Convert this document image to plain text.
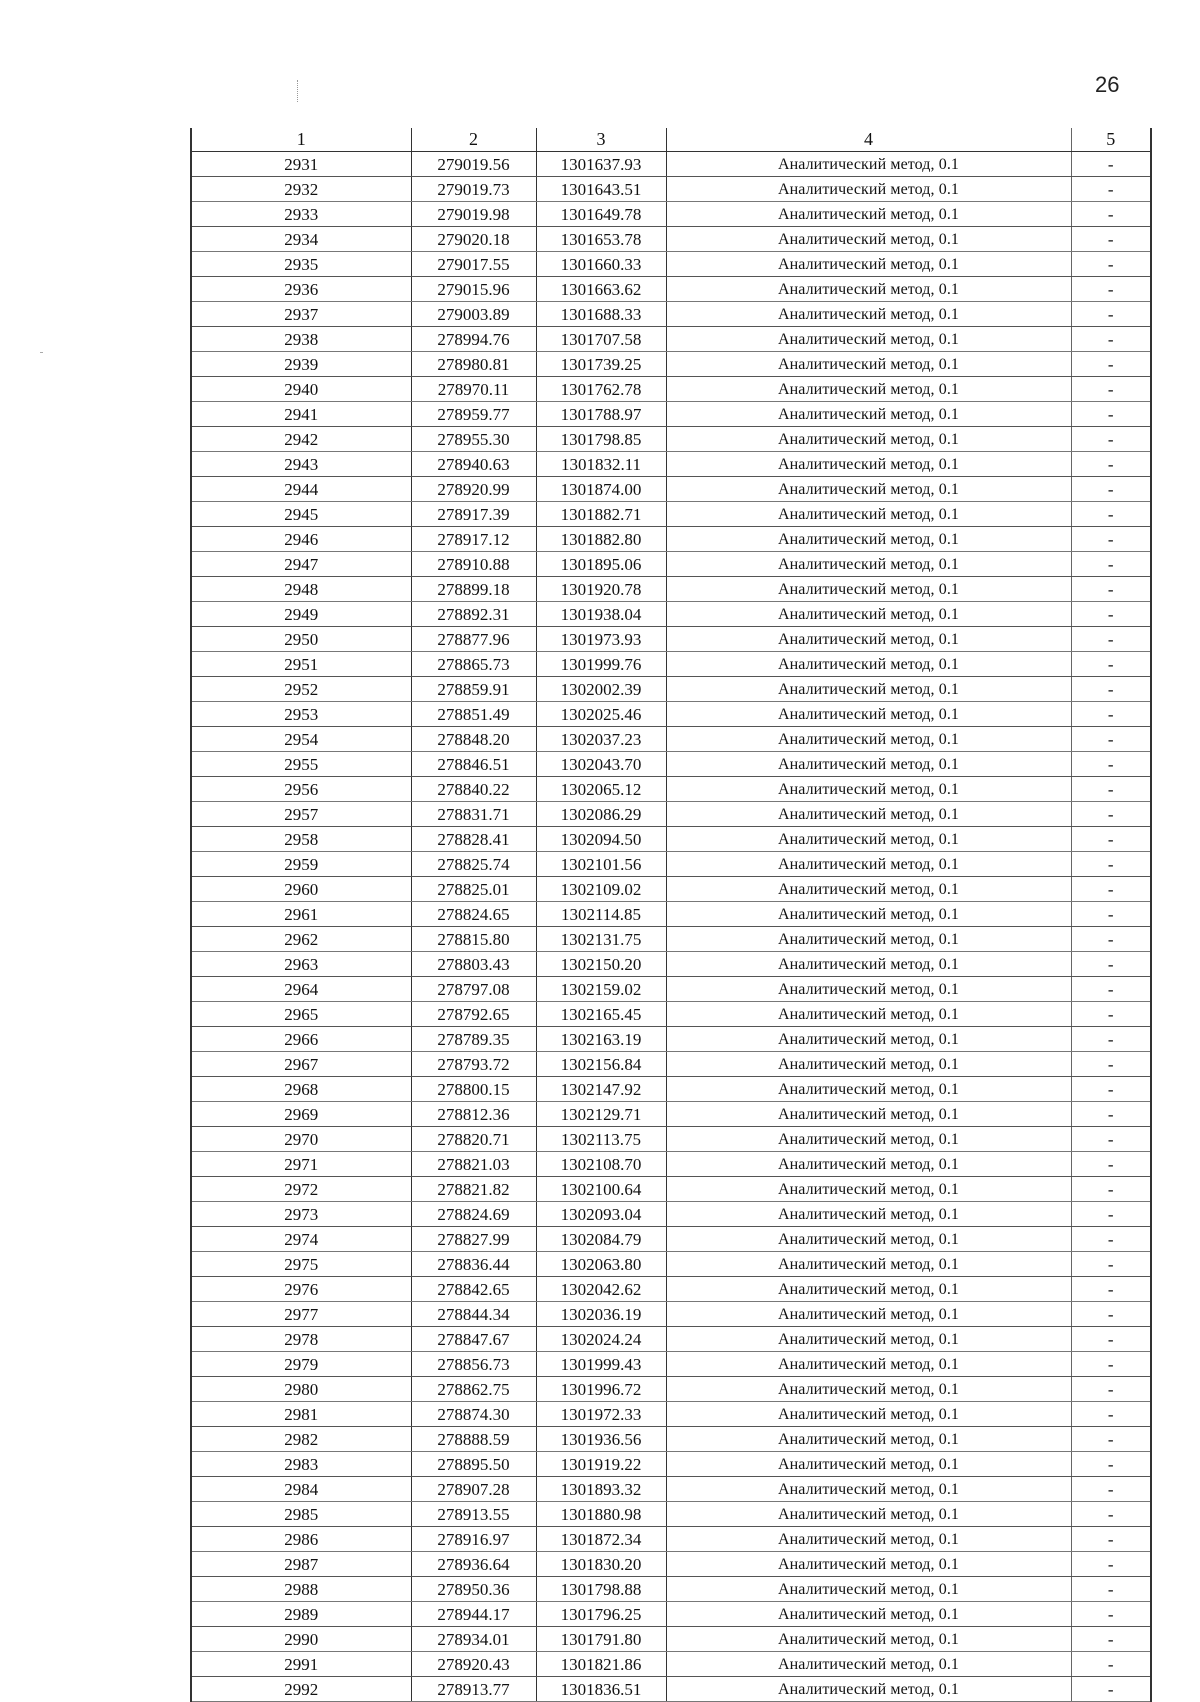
26
1	2	3	4	5
2931	279019.56	1301637.93	Аналитический метод, 0.1	-
2932	279019.73	1301643.51	Аналитический метод, 0.1	-
2933	279019.98	1301649.78	Аналитический метод, 0.1	-
2934	279020.18	1301653.78	Аналитический метод, 0.1	-
2935	279017.55	1301660.33	Аналитический метод, 0.1	-
2936	279015.96	1301663.62	Аналитический метод, 0.1	-
2937	279003.89	1301688.33	Аналитический метод, 0.1	-
2938	278994.76	1301707.58	Аналитический метод, 0.1	-
2939	278980.81	1301739.25	Аналитический метод, 0.1	-
2940	278970.11	1301762.78	Аналитический метод, 0.1	-
2941	278959.77	1301788.97	Аналитический метод, 0.1	-
2942	278955.30	1301798.85	Аналитический метод, 0.1	-
2943	278940.63	1301832.11	Аналитический метод, 0.1	-
2944	278920.99	1301874.00	Аналитический метод, 0.1	-
2945	278917.39	1301882.71	Аналитический метод, 0.1	-
2946	278917.12	1301882.80	Аналитический метод, 0.1	-
2947	278910.88	1301895.06	Аналитический метод, 0.1	-
2948	278899.18	1301920.78	Аналитический метод, 0.1	-
2949	278892.31	1301938.04	Аналитический метод, 0.1	-
2950	278877.96	1301973.93	Аналитический метод, 0.1	-
2951	278865.73	1301999.76	Аналитический метод, 0.1	-
2952	278859.91	1302002.39	Аналитический метод, 0.1	-
2953	278851.49	1302025.46	Аналитический метод, 0.1	-
2954	278848.20	1302037.23	Аналитический метод, 0.1	-
2955	278846.51	1302043.70	Аналитический метод, 0.1	-
2956	278840.22	1302065.12	Аналитический метод, 0.1	-
2957	278831.71	1302086.29	Аналитический метод, 0.1	-
2958	278828.41	1302094.50	Аналитический метод, 0.1	-
2959	278825.74	1302101.56	Аналитический метод, 0.1	-
2960	278825.01	1302109.02	Аналитический метод, 0.1	-
2961	278824.65	1302114.85	Аналитический метод, 0.1	-
2962	278815.80	1302131.75	Аналитический метод, 0.1	-
2963	278803.43	1302150.20	Аналитический метод, 0.1	-
2964	278797.08	1302159.02	Аналитический метод, 0.1	-
2965	278792.65	1302165.45	Аналитический метод, 0.1	-
2966	278789.35	1302163.19	Аналитический метод, 0.1	-
2967	278793.72	1302156.84	Аналитический метод, 0.1	-
2968	278800.15	1302147.92	Аналитический метод, 0.1	-
2969	278812.36	1302129.71	Аналитический метод, 0.1	-
2970	278820.71	1302113.75	Аналитический метод, 0.1	-
2971	278821.03	1302108.70	Аналитический метод, 0.1	-
2972	278821.82	1302100.64	Аналитический метод, 0.1	-
2973	278824.69	1302093.04	Аналитический метод, 0.1	-
2974	278827.99	1302084.79	Аналитический метод, 0.1	-
2975	278836.44	1302063.80	Аналитический метод, 0.1	-
2976	278842.65	1302042.62	Аналитический метод, 0.1	-
2977	278844.34	1302036.19	Аналитический метод, 0.1	-
2978	278847.67	1302024.24	Аналитический метод, 0.1	-
2979	278856.73	1301999.43	Аналитический метод, 0.1	-
2980	278862.75	1301996.72	Аналитический метод, 0.1	-
2981	278874.30	1301972.33	Аналитический метод, 0.1	-
2982	278888.59	1301936.56	Аналитический метод, 0.1	-
2983	278895.50	1301919.22	Аналитический метод, 0.1	-
2984	278907.28	1301893.32	Аналитический метод, 0.1	-
2985	278913.55	1301880.98	Аналитический метод, 0.1	-
2986	278916.97	1301872.34	Аналитический метод, 0.1	-
2987	278936.64	1301830.20	Аналитический метод, 0.1	-
2988	278950.36	1301798.88	Аналитический метод, 0.1	-
2989	278944.17	1301796.25	Аналитический метод, 0.1	-
2990	278934.01	1301791.80	Аналитический метод, 0.1	-
2991	278920.43	1301821.86	Аналитический метод, 0.1	-
2992	278913.77	1301836.51	Аналитический метод, 0.1	-
